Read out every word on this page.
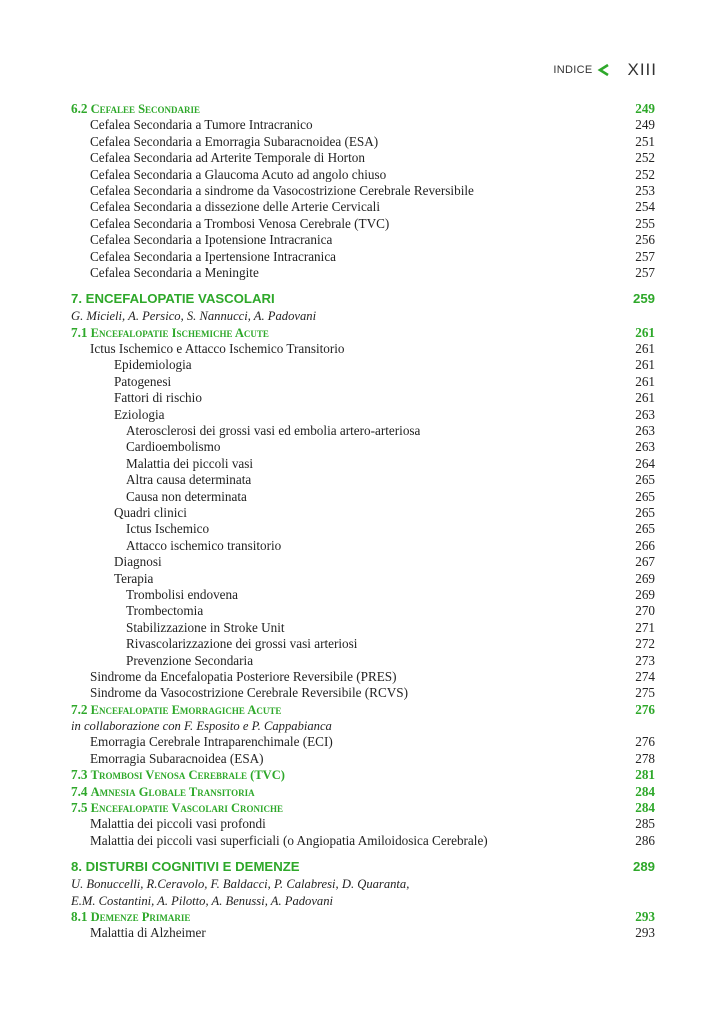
INDICE XIII
6.2 Cefalee Secondarie	249
Cefalea Secondaria a Tumore Intracranico	249
Cefalea Secondaria a Emorragia Subaracnoidea (ESA)	251
Cefalea Secondaria ad Arterite Temporale di Horton	252
Cefalea Secondaria a Glaucoma Acuto ad angolo chiuso	252
Cefalea Secondaria a sindrome da Vasocostrizione Cerebrale Reversibile	253
Cefalea Secondaria a dissezione delle Arterie Cervicali	254
Cefalea Secondaria a Trombosi Venosa Cerebrale (TVC)	255
Cefalea Secondaria a Ipotensione Intracranica	256
Cefalea Secondaria a Ipertensione Intracranica	257
Cefalea Secondaria a Meningite	257
7. ENCEFALOPATIE VASCOLARI	259
G. Micieli, A. Persico, S. Nannucci, A. Padovani
7.1 Encefalopatie Ischemiche Acute	261
Ictus Ischemico e Attacco Ischemico Transitorio	261
Epidemiologia	261
Patogenesi	261
Fattori di rischio	261
Eziologia	263
Aterosclerosi dei grossi vasi ed embolia artero-arteriosa	263
Cardioembolismo	263
Malattia dei piccoli vasi	264
Altra causa determinata	265
Causa non determinata	265
Quadri clinici	265
Ictus Ischemico	265
Attacco ischemico transitorio	266
Diagnosi	267
Terapia	269
Trombolisi endovena	269
Trombectomia	270
Stabilizzazione in Stroke Unit	271
Rivascolarizzazione dei grossi vasi arteriosi	272
Prevenzione Secondaria	273
Sindrome da Encefalopatia Posteriore Reversibile (PRES)	274
Sindrome da Vasocostrizione Cerebrale Reversibile (RCVS)	275
7.2 Encefalopatie Emorragiche Acute	276
in collaborazione con F. Esposito e P. Cappabianca
Emorragia Cerebrale Intraparenchimale (ECI)	276
Emorragia Subaracnoidea (ESA)	278
7.3 Trombosi Venosa Cerebrale (TVC)	281
7.4 Amnesia Globale Transitoria	284
7.5 Encefalopatie Vascolari Croniche	284
Malattia dei piccoli vasi profondi	285
Malattia dei piccoli vasi superficiali (o Angiopatia Amiloidosica Cerebrale)	286
8. DISTURBI COGNITIVI E DEMENZE	289
U. Bonuccelli, R.Ceravolo, F. Baldacci, P. Calabresi, D. Quaranta,
E.M. Costantini, A. Pilotto, A. Benussi, A. Padovani
8.1 Demenze Primarie	293
Malattia di Alzheimer	293
